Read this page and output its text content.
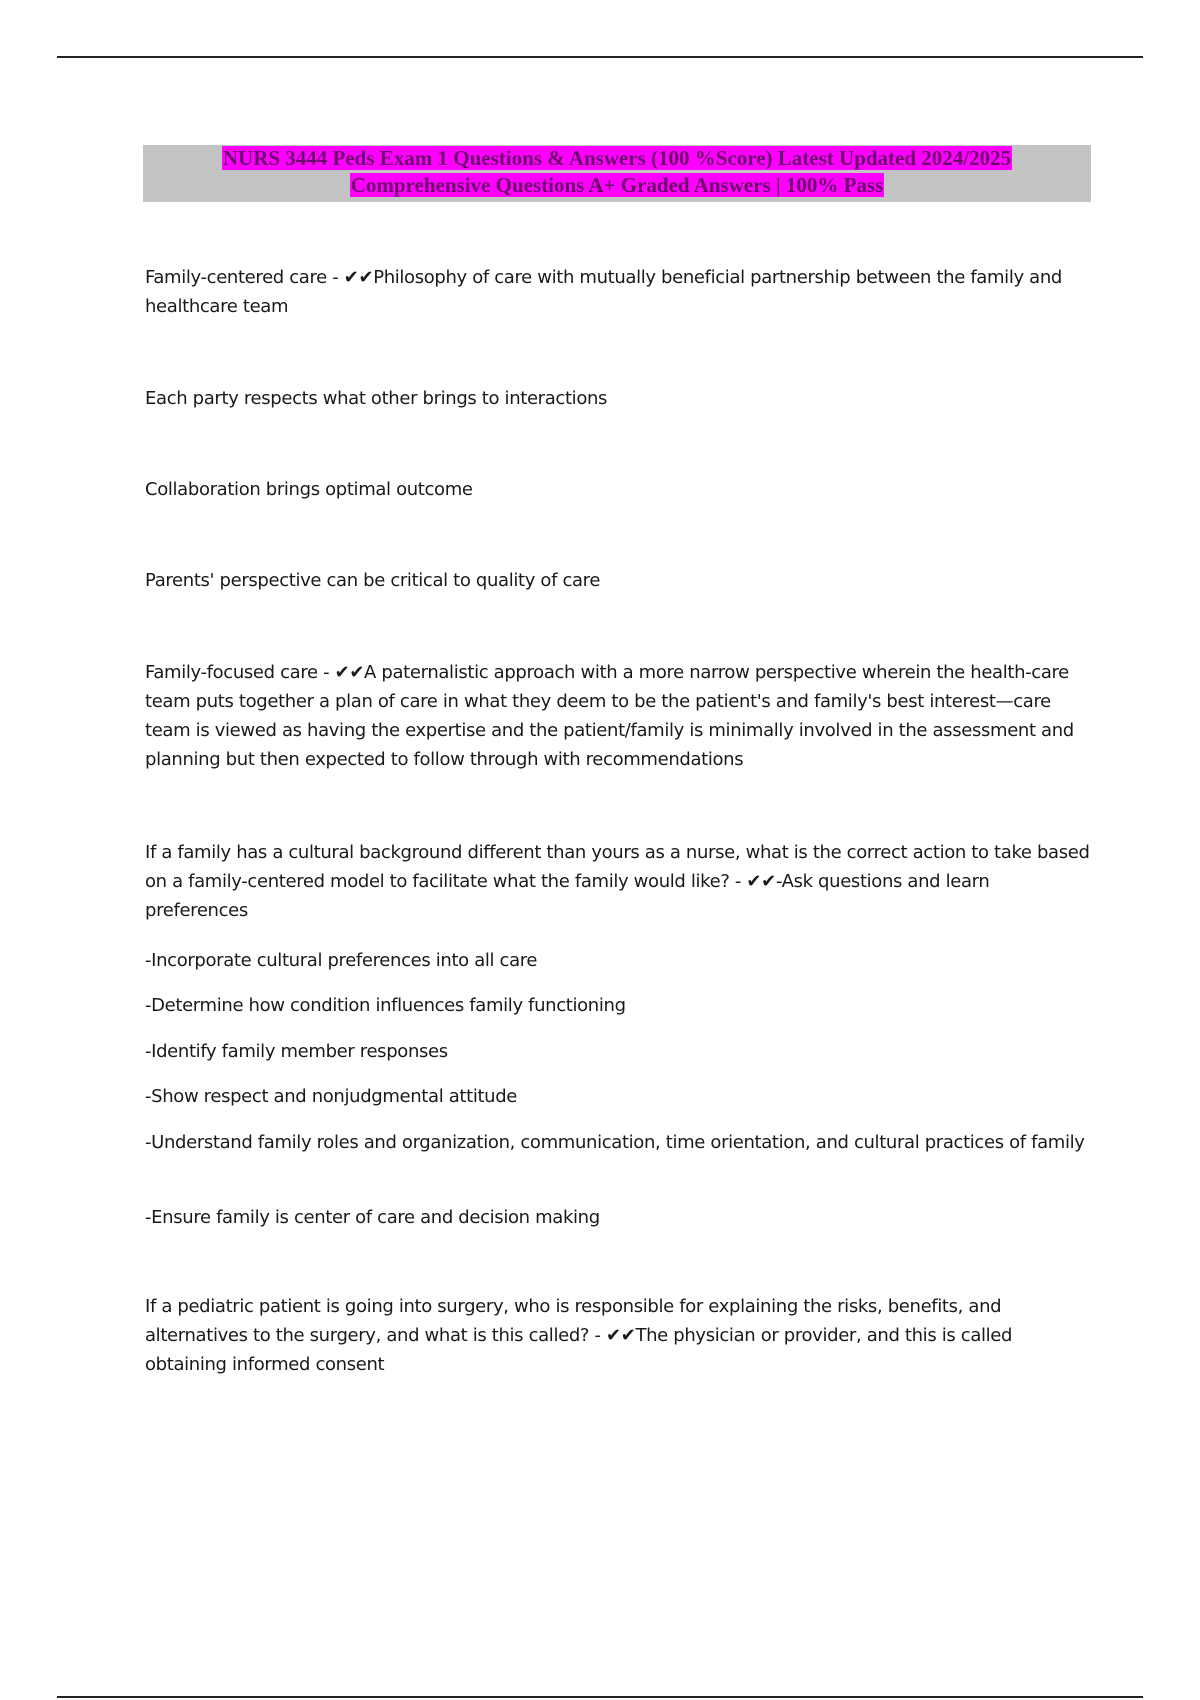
NURS 3444 Peds Exam 1 Questions & Answers (100 %Score) Latest Updated 2024/2025
Comprehensive Questions A+ Graded Answers | 100% Pass

Family-centered care - ✔✔Philosophy of care with mutually beneficial partnership between the family and healthcare team

Each party respects what other brings to interactions

Collaboration brings optimal outcome

Parents' perspective can be critical to quality of care

Family-focused care - ✔✔A paternalistic approach with a more narrow perspective wherein the health-care team puts together a plan of care in what they deem to be the patient's and family's best interest—care team is viewed as having the expertise and the patient/family is minimally involved in the assessment and planning but then expected to follow through with recommendations

If a family has a cultural background different than yours as a nurse, what is the correct action to take based on a family-centered model to facilitate what the family would like? - ✔✔-Ask questions and learn preferences

-Incorporate cultural preferences into all care

-Determine how condition influences family functioning

-Identify family member responses

-Show respect and nonjudgmental attitude

-Understand family roles and organization, communication, time orientation, and cultural practices of family

-Ensure family is center of care and decision making

If a pediatric patient is going into surgery, who is responsible for explaining the risks, benefits, and alternatives to the surgery, and what is this called? - ✔✔The physician or provider, and this is called obtaining informed consent
